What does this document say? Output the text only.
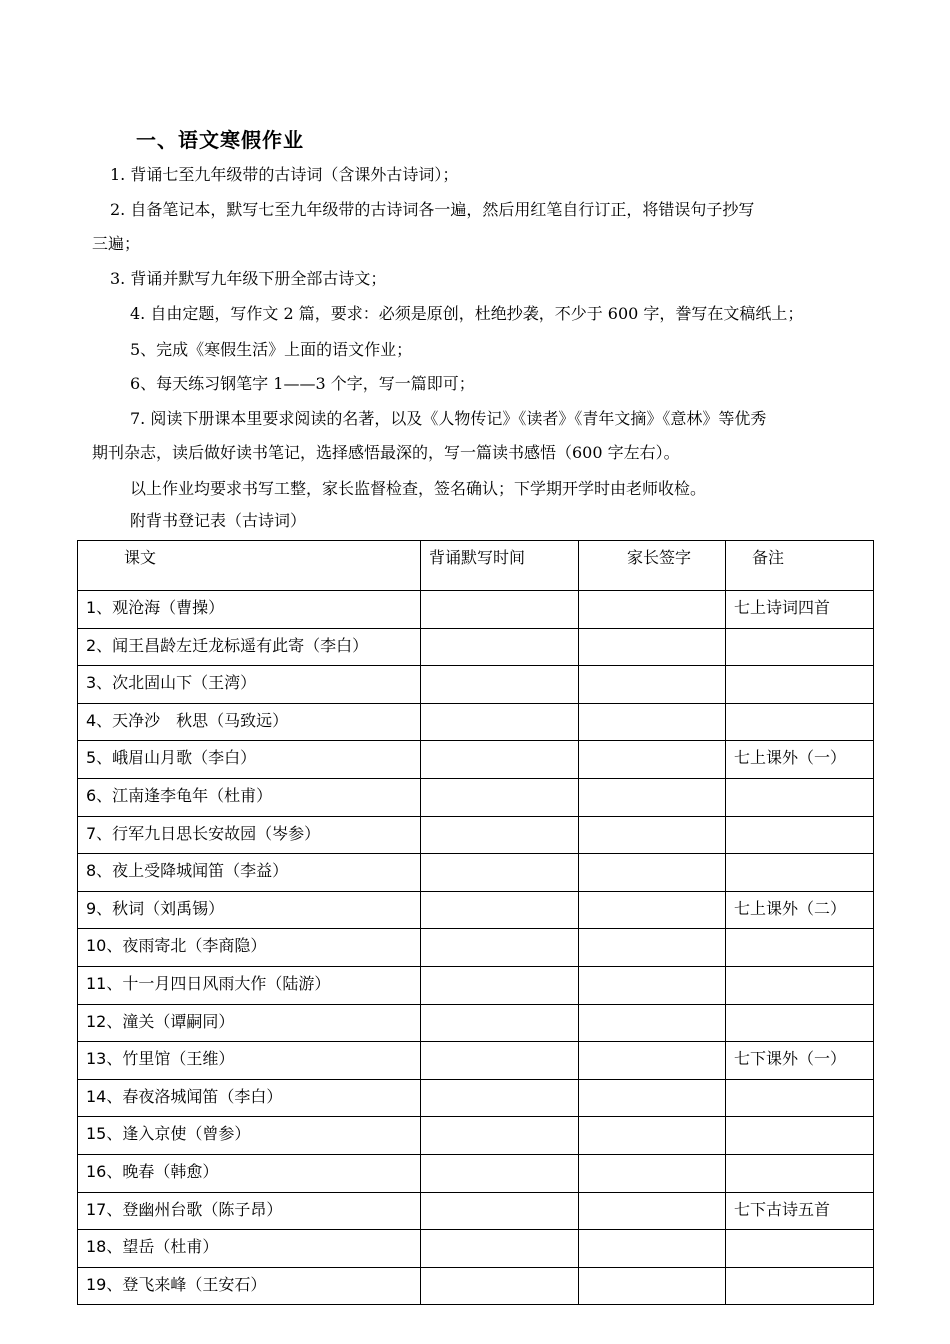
一、语文寒假作业
1. 背诵七至九年级带的古诗词（含课外古诗词）；
2. 自备笔记本，默写七至九年级带的古诗词各一遍，然后用红笔自行订正，将错误句子抄写
三遍；
3. 背诵并默写九年级下册全部古诗文；
4. 自由定题，写作文 2 篇，要求：必须是原创，杜绝抄袭，不少于 600 字，誊写在文稿纸上；
5、完成《寒假生活》上面的语文作业；
6、每天练习钢笔字 1——3 个字，写一篇即可；
7. 阅读下册课本里要求阅读的名著，以及《人物传记》《读者》《青年文摘》《意林》等优秀
期刊杂志，读后做好读书笔记，选择感悟最深的，写一篇读书感悟（600 字左右）。
以上作业均要求书写工整，家长监督检查，签名确认；下学期开学时由老师收检。
附背书登记表（古诗词）
课文	背诵默写时间	家长签字	备注
1、观沧海（曹操）			七上诗词四首
2、闻王昌龄左迁龙标遥有此寄（李白）			
3、次北固山下（王湾）			
4、天净沙　秋思（马致远）			
5、峨眉山月歌（李白）			七上课外（一）
6、江南逢李龟年（杜甫）			
7、行军九日思长安故园（岑参）			
8、夜上受降城闻笛（李益）			
9、秋词（刘禹锡）			七上课外（二）
10、夜雨寄北（李商隐）			
11、十一月四日风雨大作（陆游）			
12、潼关（谭嗣同）			
13、竹里馆（王维）			七下课外（一）
14、春夜洛城闻笛（李白）			
15、逢入京使（曾参）			
16、晚春（韩愈）			
17、登幽州台歌（陈子昂）			七下古诗五首
18、望岳（杜甫）			
19、登飞来峰（王安石）			
